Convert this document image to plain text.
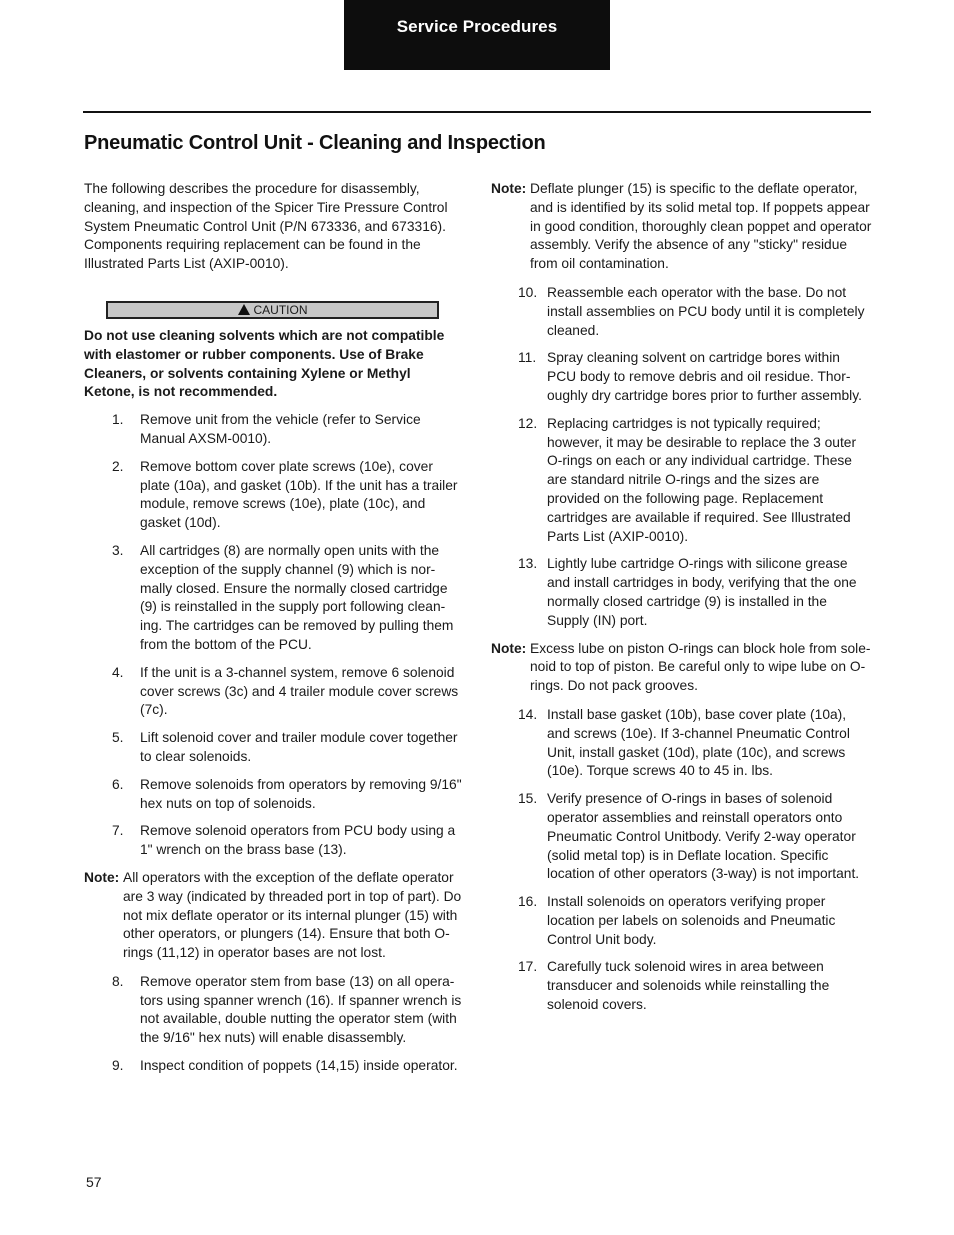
Service Procedures
Pneumatic Control Unit - Cleaning and Inspection

The following describes the procedure for disassembly, cleaning, and inspection of the Spicer Tire Pressure Control System Pneumatic Control Unit (P/N 673336, and 673316). Components requiring replacement can be found in the Illustrated Parts List (AXIP-0010).

CAUTION

Do not use cleaning solvents which are not compatible with elastomer or rubber components. Use of Brake Cleaners, or solvents containing Xylene or Methyl Ketone, is not recommended.

1. Remove unit from the vehicle (refer to Service Manual AXSM-0010).
2. Remove bottom cover plate screws (10e), cover plate (10a), and gasket (10b). If the unit has a trailer module, remove screws (10e), plate (10c), and gasket (10d).
3. All cartridges (8) are normally open units with the exception of the supply channel (9) which is nor-mally closed. Ensure the normally closed cartridge (9) is reinstalled in the supply port following clean-ing. The cartridges can be removed by pulling them from the bottom of the PCU.
4. If the unit is a 3-channel system, remove 6 solenoid cover screws (3c) and 4 trailer module cover screws (7c).
5. Lift solenoid cover and trailer module cover together to clear solenoids.
6. Remove solenoids from operators by removing 9/16" hex nuts on top of solenoids.
7. Remove solenoid operators from PCU body using a 1" wrench on the brass base (13).
Note: All operators with the exception of the deflate operator are 3 way (indicated by threaded port in top of part). Do not mix deflate operator or its internal plunger (15) with other operators, or plungers (14). Ensure that both O-rings (11,12) in operator bases are not lost.
8. Remove operator stem from base (13) on all opera-tors using spanner wrench (16). If spanner wrench is not available, double nutting the operator stem (with the 9/16" hex nuts) will enable disassembly.
9. Inspect condition of poppets (14,15) inside operator.
Note: Deflate plunger (15) is specific to the deflate operator, and is identified by its solid metal top. If poppets appear in good condition, thoroughly clean poppet and operator assembly. Verify the absence of any "sticky" residue from oil contamination.
10. Reassemble each operator with the base. Do not install assemblies on PCU body until it is completely cleaned.
11. Spray cleaning solvent on cartridge bores within PCU body to remove debris and oil residue. Thor-oughly dry cartridge bores prior to further assembly.
12. Replacing cartridges is not typically required; however, it may be desirable to replace the 3 outer O-rings on each or any individual cartridge. These are standard nitrile O-rings and the sizes are provided on the following page. Replacement cartridges are available if required. See Illustrated Parts List (AXIP-0010).
13. Lightly lube cartridge O-rings with silicone grease and install cartridges in body, verifying that the one normally closed cartridge (9) is installed in the Supply (IN) port.
Note: Excess lube on piston O-rings can block hole from sole-noid to top of piston. Be careful only to wipe lube on O-rings. Do not pack grooves.
14. Install base gasket (10b), base cover plate (10a), and screws (10e). If 3-channel Pneumatic Control Unit, install gasket (10d), plate (10c), and screws (10e). Torque screws 40 to 45 in. lbs.
15. Verify presence of O-rings in bases of solenoid operator assemblies and reinstall operators onto Pneumatic Control Unitbody. Verify 2-way operator (solid metal top) is in Deflate location. Specific location of other operators (3-way) is not important.
16. Install solenoids on operators verifying proper location per labels on solenoids and Pneumatic Control Unit body.
17. Carefully tuck solenoid wires in area between transducer and solenoids while reinstalling the solenoid covers.
57
